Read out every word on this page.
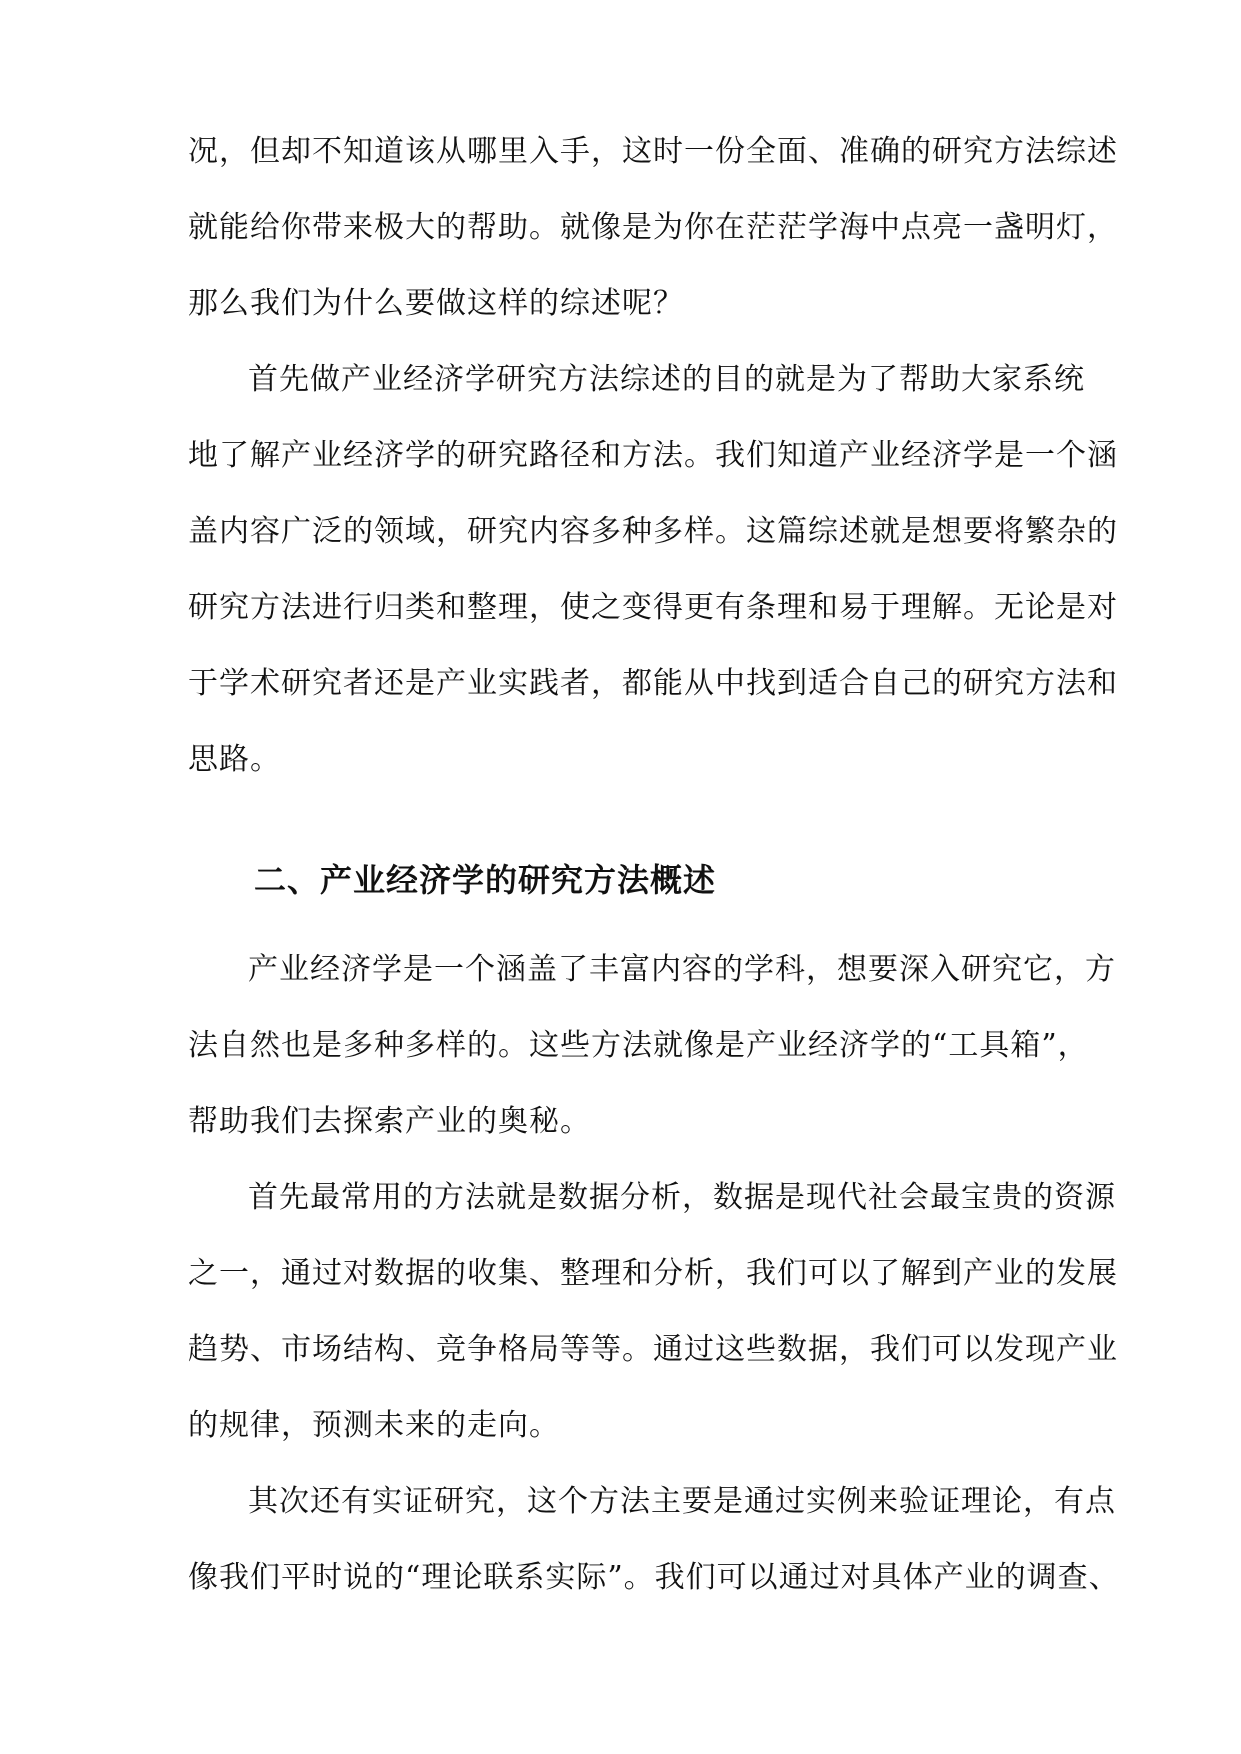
况，但却不知道该从哪里入手，这时一份全面、准确的研究方法综述
就能给你带来极大的帮助。就像是为你在茫茫学海中点亮一盏明灯，
那么我们为什么要做这样的综述呢？
首先做产业经济学研究方法综述的目的就是为了帮助大家系统
地了解产业经济学的研究路径和方法。我们知道产业经济学是一个涵
盖内容广泛的领域，研究内容多种多样。这篇综述就是想要将繁杂的
研究方法进行归类和整理，使之变得更有条理和易于理解。无论是对
于学术研究者还是产业实践者，都能从中找到适合自己的研究方法和
思路。
二、产业经济学的研究方法概述
产业经济学是一个涵盖了丰富内容的学科，想要深入研究它，方
法自然也是多种多样的。这些方法就像是产业经济学的“工具箱”，
帮助我们去探索产业的奥秘。
首先最常用的方法就是数据分析，数据是现代社会最宝贵的资源
之一，通过对数据的收集、整理和分析，我们可以了解到产业的发展
趋势、市场结构、竞争格局等等。通过这些数据，我们可以发现产业
的规律，预测未来的走向。
其次还有实证研究，这个方法主要是通过实例来验证理论，有点
像我们平时说的“理论联系实际”。我们可以通过对具体产业的调查、
